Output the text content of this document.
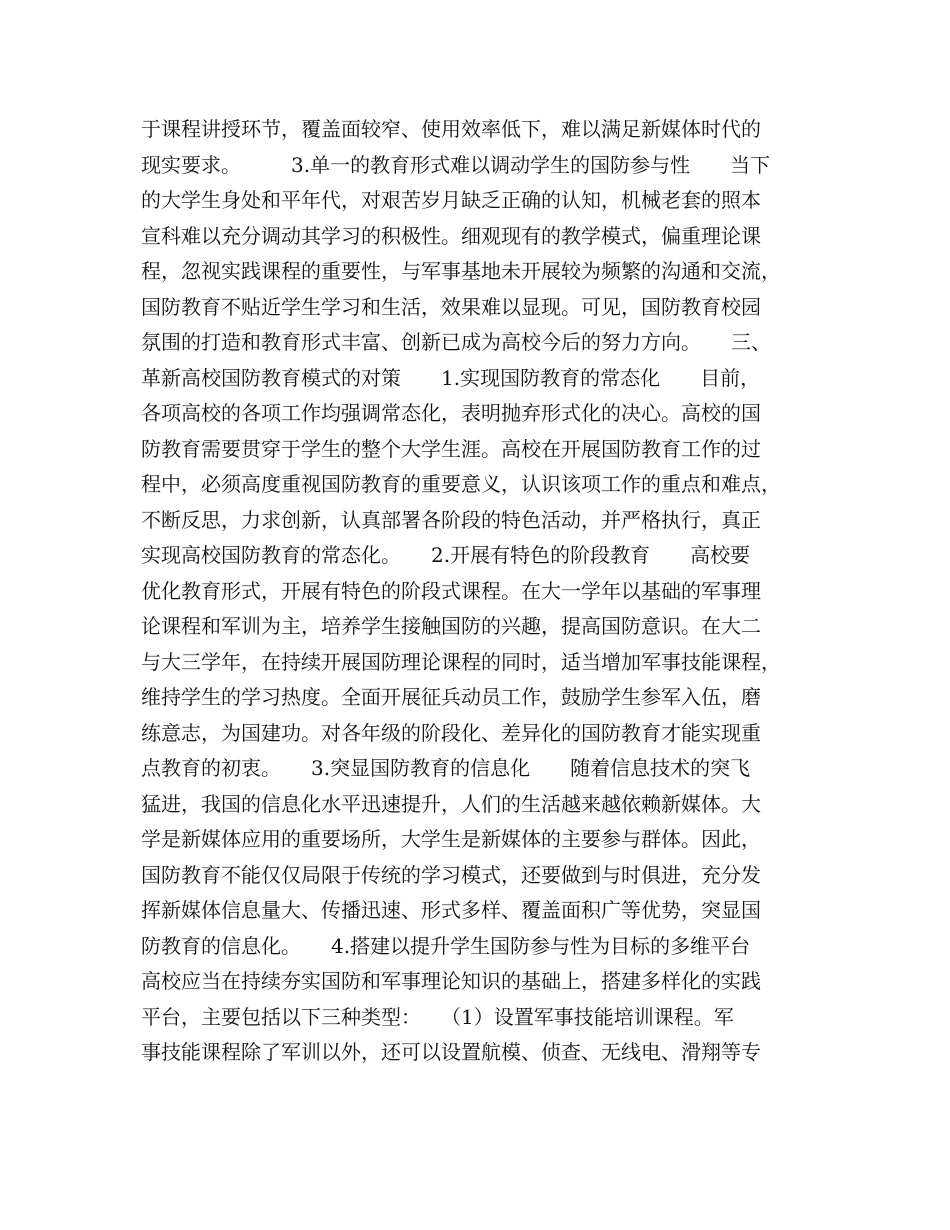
于课程讲授环节，覆盖面较窄、使用效率低下，难以满足新媒体时代的
现实要求。　　　3.单一的教育形式难以调动学生的国防参与性　　当下
的大学生身处和平年代，对艰苦岁月缺乏正确的认知，机械老套的照本
宣科难以充分调动其学习的积极性。细观现有的教学模式，偏重理论课
程，忽视实践课程的重要性，与军事基地未开展较为频繁的沟通和交流，
国防教育不贴近学生学习和生活，效果难以显现。可见，国防教育校园
氛围的打造和教育形式丰富、创新已成为高校今后的努力方向。　　三、
革新高校国防教育模式的对策　　1.实现国防教育的常态化　　目前，
各项高校的各项工作均强调常态化，表明抛弃形式化的决心。高校的国
防教育需要贯穿于学生的整个大学生涯。高校在开展国防教育工作的过
程中，必须高度重视国防教育的重要意义，认识该项工作的重点和难点，
不断反思，力求创新，认真部署各阶段的特色活动，并严格执行，真正
实现高校国防教育的常态化。　　2.开展有特色的阶段教育　　高校要
优化教育形式，开展有特色的阶段式课程。在大一学年以基础的军事理
论课程和军训为主，培养学生接触国防的兴趣，提高国防意识。在大二
与大三学年，在持续开展国防理论课程的同时，适当增加军事技能课程，
维持学生的学习热度。全面开展征兵动员工作，鼓励学生参军入伍，磨
练意志，为国建功。对各年级的阶段化、差异化的国防教育才能实现重
点教育的初衷。　　3.突显国防教育的信息化　　随着信息技术的突飞
猛进，我国的信息化水平迅速提升，人们的生活越来越依赖新媒体。大
学是新媒体应用的重要场所，大学生是新媒体的主要参与群体。因此，
国防教育不能仅仅局限于传统的学习模式，还要做到与时俱进，充分发
挥新媒体信息量大、传播迅速、形式多样、覆盖面积广等优势，突显国
防教育的信息化。　　4.搭建以提升学生国防参与性为目标的多维平台
高校应当在持续夯实国防和军事理论知识的基础上，搭建多样化的实践
平台，主要包括以下三种类型：　　（1）设置军事技能培训课程。军
事技能课程除了军训以外，还可以设置航模、侦查、无线电、滑翔等专
